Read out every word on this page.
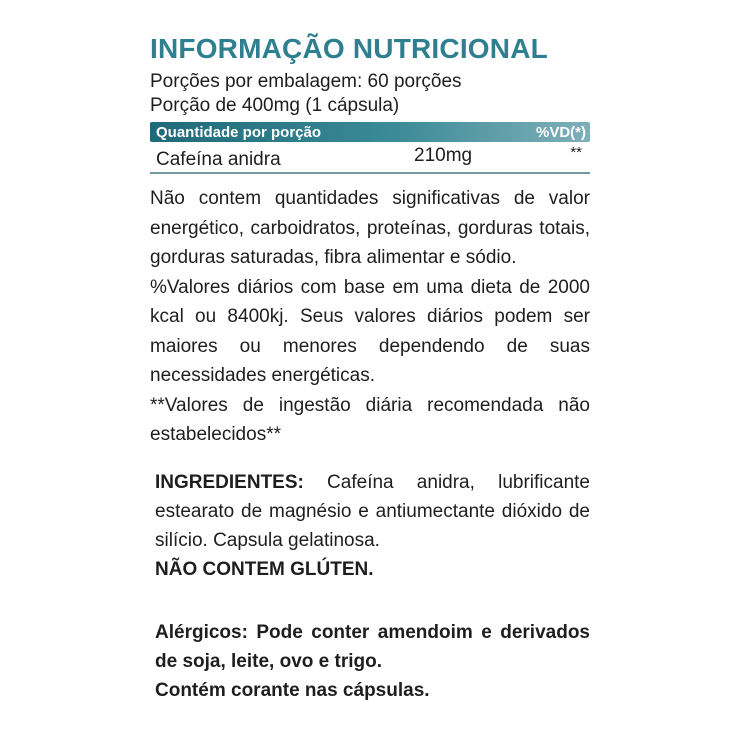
INFORMAÇÃO NUTRICIONAL
Porções por embalagem: 60 porções
Porção de 400mg (1 cápsula)
Quantidade por porção	%VD(*)
Cafeína anidra	210mg	**

Não contem quantidades significativas de valor energético, carboidratos, proteínas, gorduras totais, gorduras saturadas, fibra alimentar e sódio.

%Valores diários com base em uma dieta de 2000 kcal ou 8400kj. Seus valores diários podem ser maiores ou menores dependendo de suas necessidades energéticas.

**Valores de ingestão diária recomendada não estabelecidos**

INGREDIENTES: Cafeína anidra, lubrificante estearato de magnésio e antiumectante dióxido de silício. Capsula gelatinosa.

NÃO CONTEM GLÚTEN.

Alérgicos: Pode conter amendoim e derivados de soja, leite, ovo e trigo.

Contém corante nas cápsulas.
